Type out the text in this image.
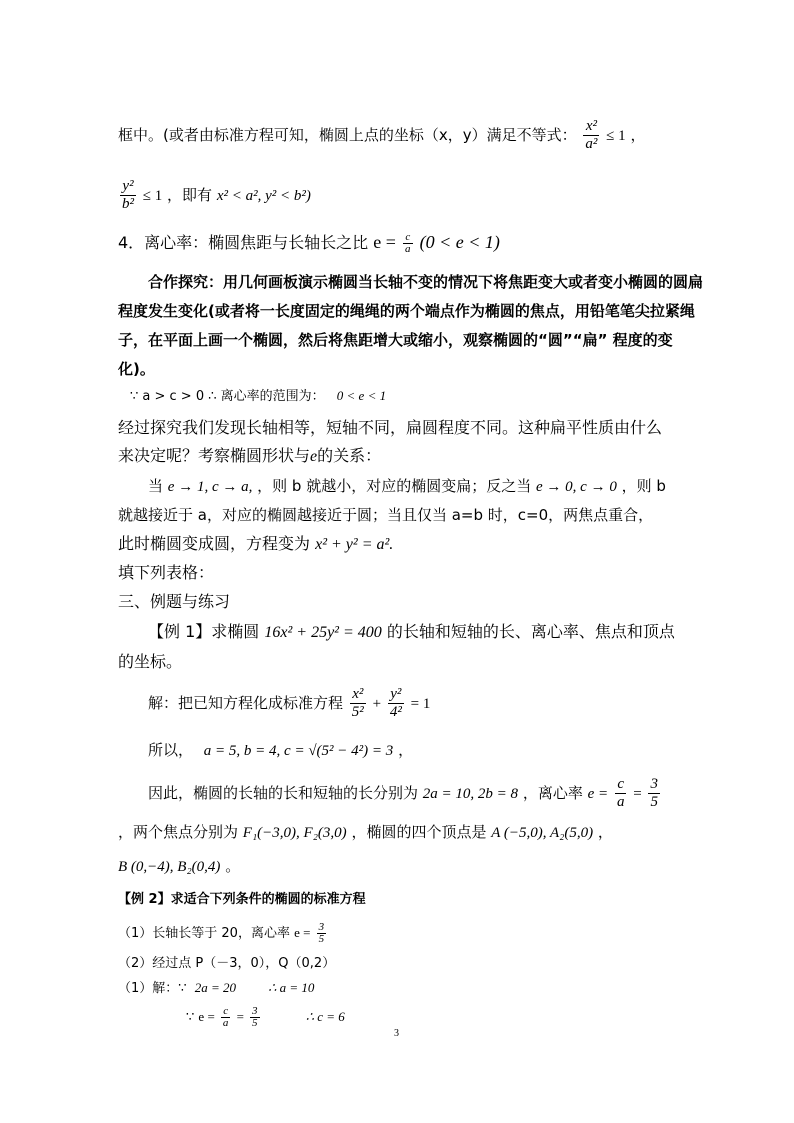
框中。(或者由标准方程可知，椭圆上点的坐标（x，y）满足不等式： $\frac{\text{x²}}{\text{a²}} \le 1$ ，
$\frac{\text{y²}}{\text{b²}} \le 1$ ，即有 x² < a², y² < b²)
4．离心率：椭圆焦距与长轴长之比 $e = \frac{c}{a} (0 < e < 1)$
合作探究：用几何画板演示椭圆当长轴不变的情况下将焦距变大或者变小椭圆的圆扁
程度发生变化(或者将一长度固定的绳绳的两个端点作为椭圆的焦点，用铅笔笔尖拉紧绳
子，在平面上画一个椭圆，然后将焦距增大或缩小，观察椭圆的“圆”“扁” 程度的变
化)。
∵ a > c > 0 ∴ 离心率的范围为： 0 < e < 1
经过探究我们发现长轴相等，短轴不同，扁圆程度不同。这种扁平性质由什么
来决定呢？考察椭圆形状与e的关系：
当 e → 1, c → a, ，则 b 就越小，对应的椭圆变扁；反之当 e → 0, c → 0 ，则 b
就越接近于 a，对应的椭圆越接近于圆；当且仅当 a=b 时，c=0，两焦点重合，
此时椭圆变成圆，方程变为 x² + y² = a².
填下列表格：
三、例题与练习
【例 1】求椭圆 16x² + 25y² = 400 的长轴和短轴的长、离心率、焦点和顶点
的坐标。
解：把已知方程化成标准方程 $\frac{\text{x²}}{\text{5²}} + \frac{\text{y²}}{\text{4²}} = 1$
所以， a = 5, b = 4, c = √(5² − 4²) = 3 ，
因此，椭圆的长轴的长和短轴的长分别为 2a = 10, 2b = 8 ，离心率 $e = \frac{c}{a} = \frac{3}{5}$
，两个焦点分别为 F₁(−3,0), F₂(3,0) ，椭圆的四个顶点是 A (−5,0), A₂(5,0) ，
B (0,−4), B₂(0,4) 。
【例 2】求适合下列条件的椭圆的标准方程
（1）长轴长等于 20，离心率 $e = \frac{3}{5}$
（2）经过点 P（－3，0），Q（0,2）
（1）解：∵ 2a = 20 ∴ a = 10
∵ $e = \frac{c}{a} = \frac{3}{5}$	∴ c = 6
3
